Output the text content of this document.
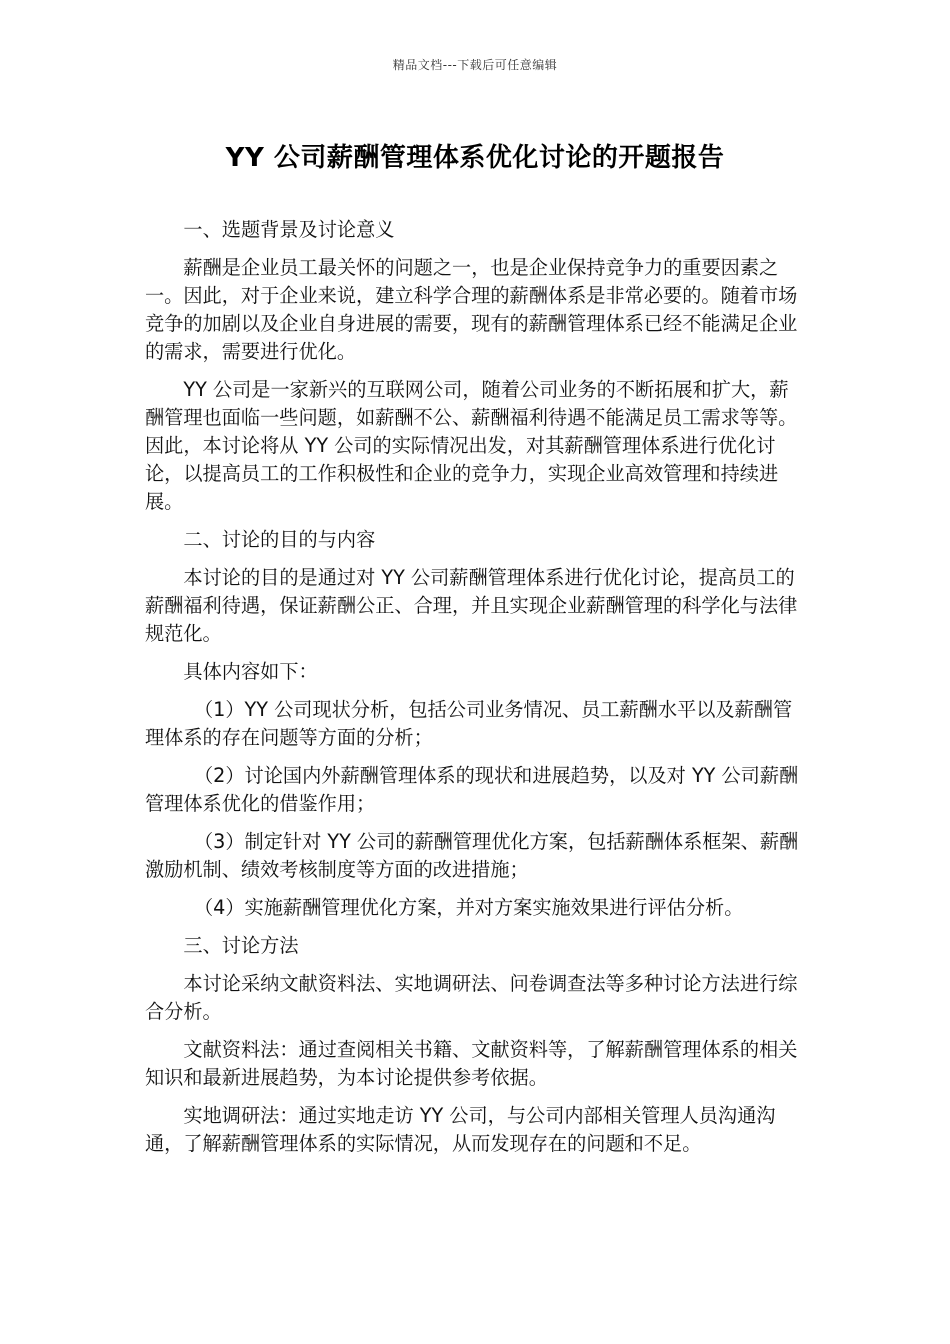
精品文档---下载后可任意编辑
YY 公司薪酬管理体系优化讨论的开题报告

一、选题背景及讨论意义

薪酬是企业员工最关怀的问题之一，也是企业保持竞争力的重要因素之一。因此，对于企业来说，建立科学合理的薪酬体系是非常必要的。随着市场竞争的加剧以及企业自身进展的需要，现有的薪酬管理体系已经不能满足企业的需求，需要进行优化。

YY 公司是一家新兴的互联网公司，随着公司业务的不断拓展和扩大，薪酬管理也面临一些问题，如薪酬不公、薪酬福利待遇不能满足员工需求等等。因此，本讨论将从 YY 公司的实际情况出发，对其薪酬管理体系进行优化讨论，以提高员工的工作积极性和企业的竞争力，实现企业高效管理和持续进展。

二、讨论的目的与内容

本讨论的目的是通过对 YY 公司薪酬管理体系进行优化讨论，提高员工的薪酬福利待遇，保证薪酬公正、合理，并且实现企业薪酬管理的科学化与法律规范化。

具体内容如下：

（1）YY 公司现状分析，包括公司业务情况、员工薪酬水平以及薪酬管理体系的存在问题等方面的分析；

（2）讨论国内外薪酬管理体系的现状和进展趋势，以及对 YY 公司薪酬管理体系优化的借鉴作用；

（3）制定针对 YY 公司的薪酬管理优化方案，包括薪酬体系框架、薪酬激励机制、绩效考核制度等方面的改进措施；

（4）实施薪酬管理优化方案，并对方案实施效果进行评估分析。

三、讨论方法

本讨论采纳文献资料法、实地调研法、问卷调查法等多种讨论方法进行综合分析。

文献资料法：通过查阅相关书籍、文献资料等，了解薪酬管理体系的相关知识和最新进展趋势，为本讨论提供参考依据。

实地调研法：通过实地走访 YY 公司，与公司内部相关管理人员沟通沟通，了解薪酬管理体系的实际情况，从而发现存在的问题和不足。
